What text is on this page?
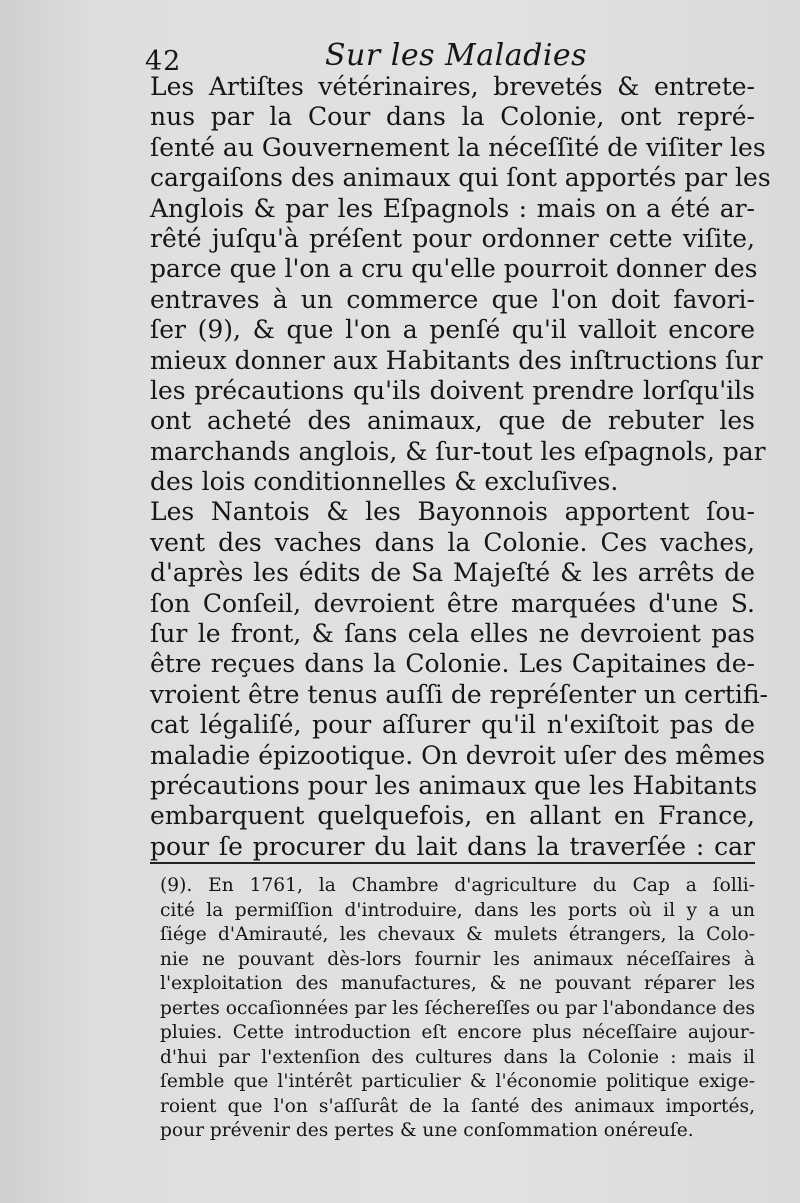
42	Sur les Maladies
Les Artiſtes vétérinaires, brevetés & entrete-
nus par la Cour dans la Colonie, ont repré-
ſenté au Gouvernement la néceſſité de viſiter les
cargaiſons des animaux qui ſont apportés par les
Anglois & par les Eſpagnols : mais on a été ar-
rêté juſqu'à préſent pour ordonner cette viſite,
parce que l'on a cru qu'elle pourroit donner des
entraves à un commerce que l'on doit favori-
ſer (9), & que l'on a penſé qu'il valloit encore
mieux donner aux Habitants des inſtructions ſur
les précautions qu'ils doivent prendre lorſqu'ils
ont acheté des animaux, que de rebuter les
marchands anglois, & ſur-tout les eſpagnols, par
des lois conditionnelles & excluſives.
Les Nantois & les Bayonnois apportent ſou-
vent des vaches dans la Colonie. Ces vaches,
d'après les édits de Sa Majeſté & les arrêts de
ſon Conſeil, devroient être marquées d'une S.
ſur le front, & ſans cela elles ne devroient pas
être reçues dans la Colonie. Les Capitaines de-
vroient être tenus auſſi de repréſenter un certifi-
cat légaliſé, pour aſſurer qu'il n'exiſtoit pas de
maladie épizootique. On devroit uſer des mêmes
précautions pour les animaux que les Habitants
embarquent quelquefois, en allant en France,
pour ſe procurer du lait dans la traverſée : car
(9). En 1761, la Chambre d'agriculture du Cap a ſolli-
cité la permiſſion d'introduire, dans les ports où il y a un
ſiége d'Amirauté, les chevaux & mulets étrangers, la Colo-
nie ne pouvant dès-lors fournir les animaux néceſſaires à
l'exploitation des manufactures, & ne pouvant réparer les
pertes occaſionnées par les ſéchereſſes ou par l'abondance des
pluies. Cette introduction eſt encore plus néceſſaire aujour-
d'hui par l'extenſion des cultures dans la Colonie : mais il
ſemble que l'intérêt particulier & l'économie politique exige-
roient que l'on s'aſſurât de la ſanté des animaux importés,
pour prévenir des pertes & une conſommation onéreuſe.
